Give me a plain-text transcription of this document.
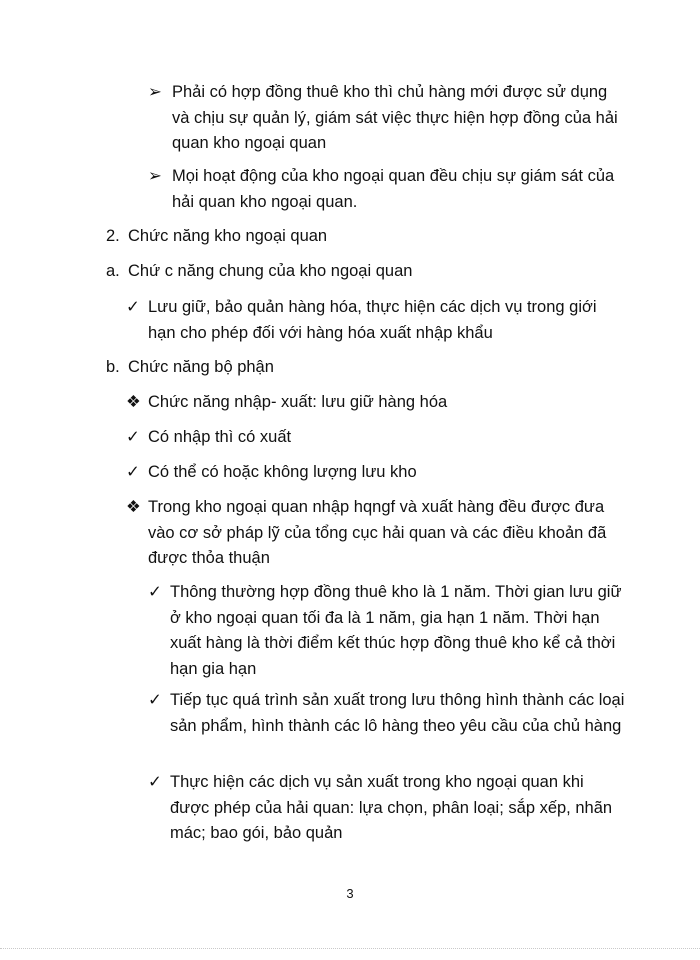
➢ Phải có hợp đồng thuê kho thì chủ hàng mới được sử dụng và chịu sự quản lý, giám sát việc thực hiện hợp đồng của hải quan kho ngoại quan
➢ Mọi hoạt động của kho ngoại quan đều chịu sự giám sát của hải quan kho ngoại quan.
2. Chức năng kho ngoại quan
a. Chứ c năng chung của kho ngoại quan
✓ Lưu giữ, bảo quản hàng hóa, thực hiện các dịch vụ trong giới hạn cho phép đối với hàng hóa xuất nhập khẩu
b. Chức năng bộ phận
❖ Chức năng nhập- xuất: lưu giữ hàng hóa
✓ Có nhập thì có xuất
✓ Có thể có hoặc không lượng lưu kho
❖ Trong kho ngoại quan nhập hqngf và xuất hàng đều được đưa vào cơ sở pháp lỹ của tổng cục hải quan và các điều khoản đã được thỏa thuận
✓ Thông thường hợp đồng thuê kho là 1 năm. Thời gian lưu giữ ở kho ngoại quan tối đa là 1 năm, gia hạn 1 năm. Thời hạn xuất hàng là thời điểm kết thúc hợp đồng thuê kho kể cả thời hạn gia hạn
✓ Tiếp tục quá trình sản xuất trong lưu thông hình thành các loại sản phẩm, hình thành các lô hàng theo yêu cầu của chủ hàng
✓ Thực hiện các dịch vụ sản xuất trong kho ngoại quan khi được phép của hải quan: lựa chọn, phân loại; sắp xếp, nhãn mác; bao gói, bảo quản
3
